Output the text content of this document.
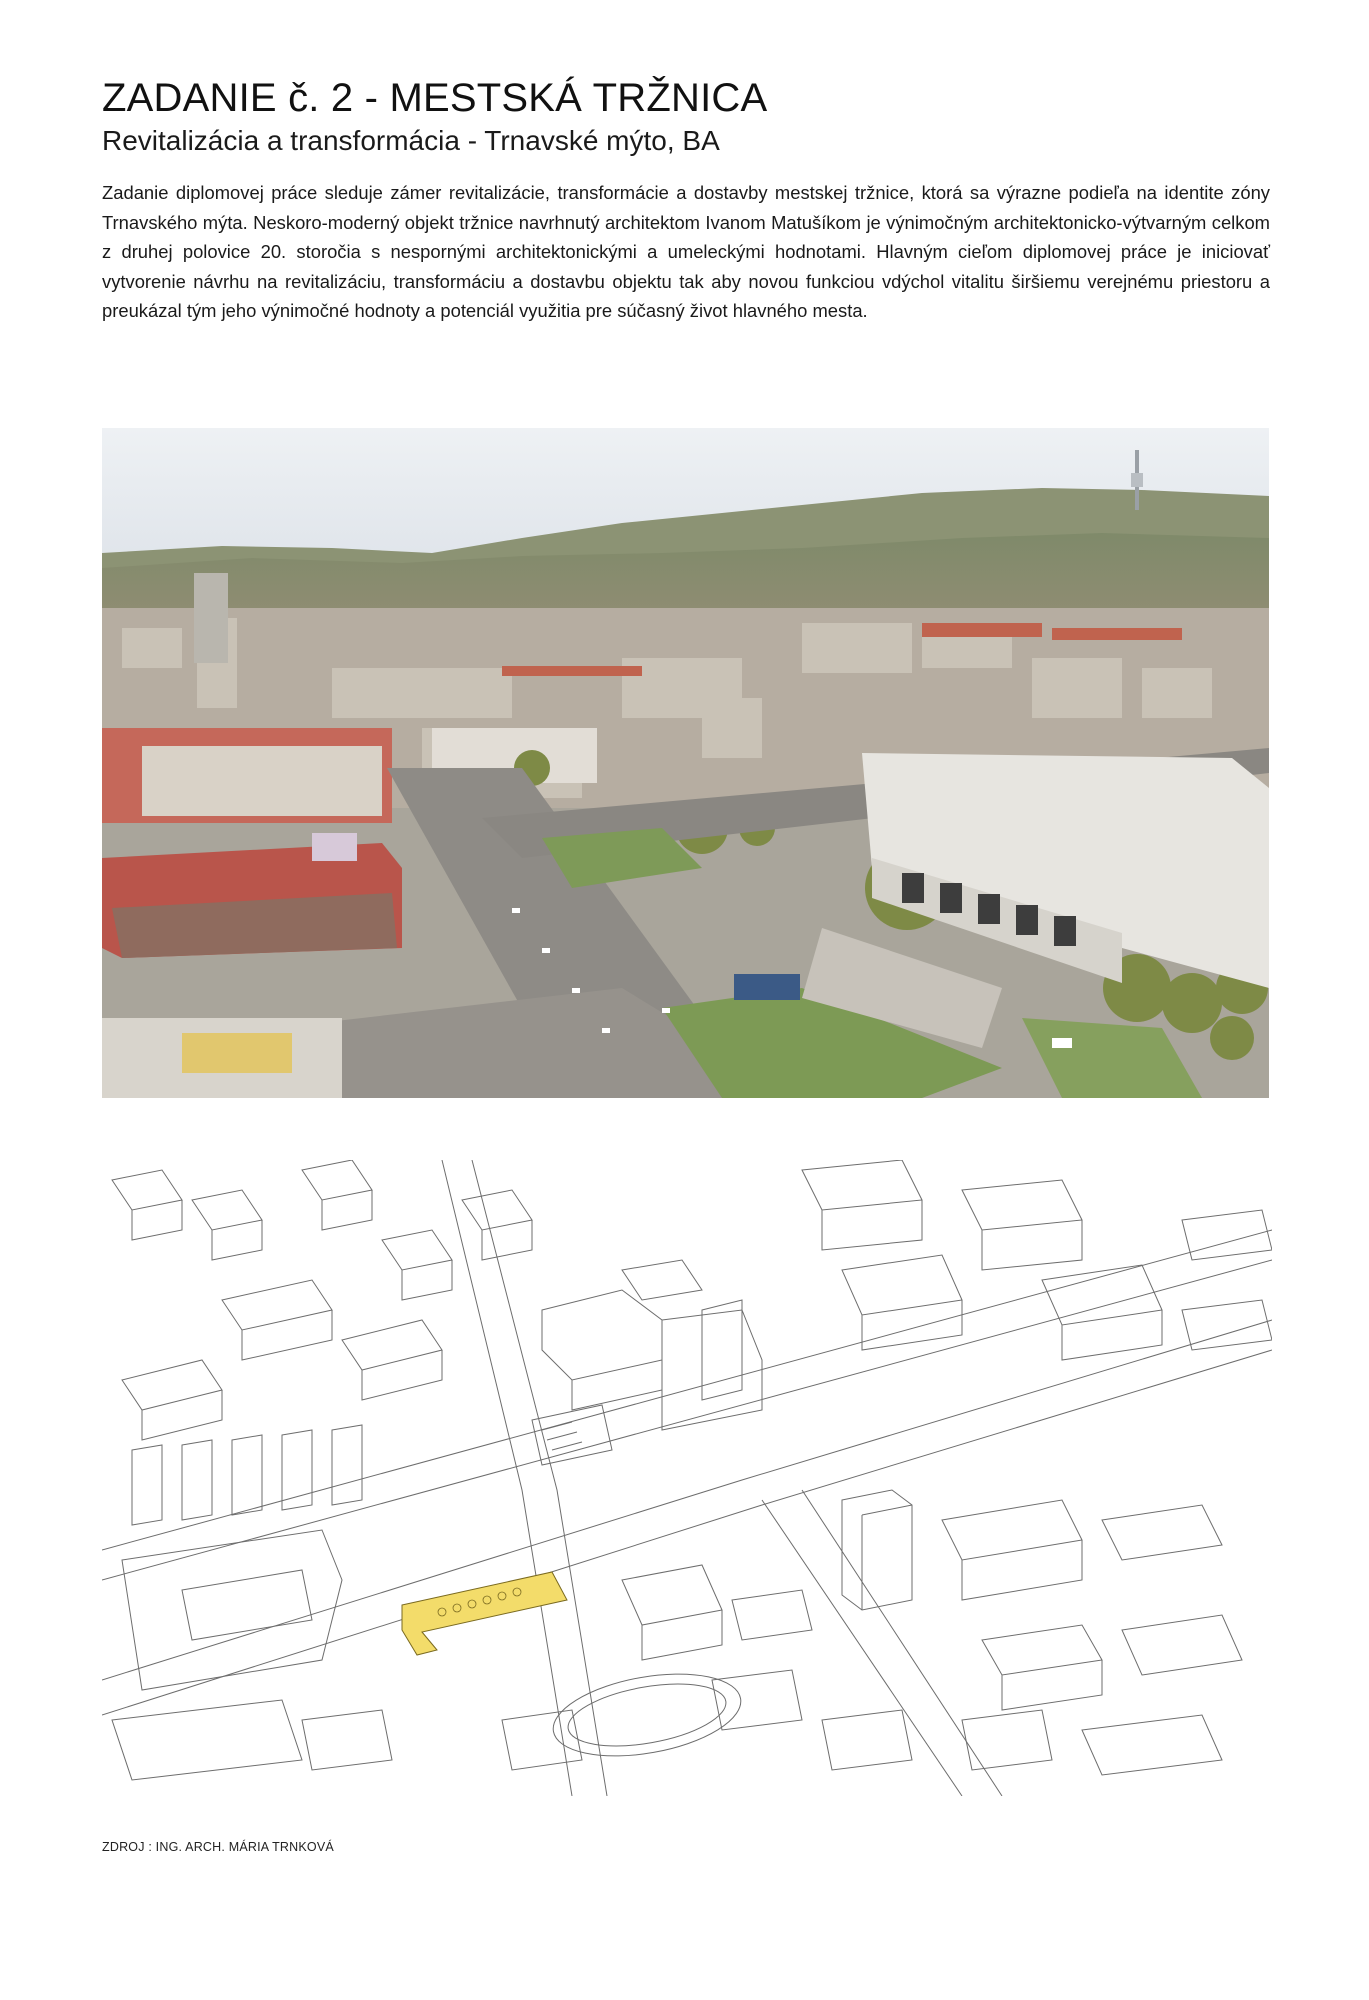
ZADANIE č. 2 - MESTSKÁ TRŽNICA
Revitalizácia a transformácia - Trnavské mýto, BA

Zadanie diplomovej práce sleduje zámer revitalizácie, transformácie a dostavby mestskej tržnice, ktorá sa výrazne podieľa na identite zóny Trnavského mýta. Neskoro-moderný objekt tržnice navrhnutý architektom Ivanom Matušíkom je výnimočným architektonicko-výtvarným celkom z druhej polovice 20. storočia s nespornými architektonickými a umeleckými hodnotami. Hlavným cieľom diplomovej práce je iniciovať vytvorenie návrhu na revitalizáciu, transformáciu a dostavbu objektu tak aby novou funkciou vdýchol vitalitu širšiemu verejnému priestoru a preukázal tým jeho výnimočné hodnoty a potenciál využitia pre súčasný život hlavného mesta.

ZDROJ : ING. ARCH. MÁRIA TRNKOVÁ
